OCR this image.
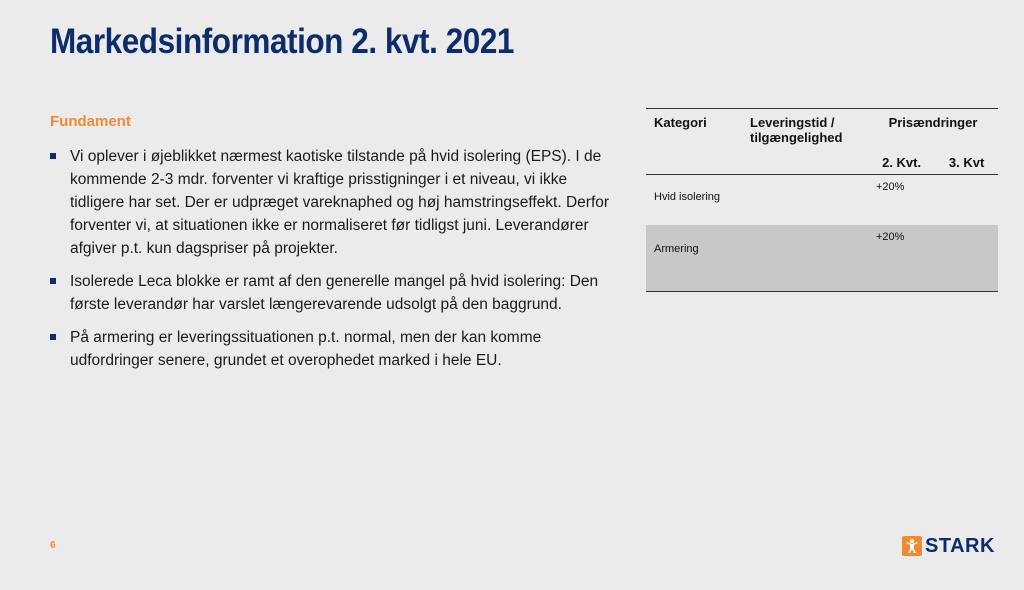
Markedsinformation 2. kvt. 2021
Fundament
Vi oplever i øjeblikket nærmest kaotiske tilstande på hvid isolering (EPS). I de kommende 2-3 mdr. forventer vi kraftige prisstigninger i et niveau, vi ikke tidligere har set. Der er udpræget vareknaphed og høj hamstringseffekt. Derfor forventer vi, at situationen ikke er normaliseret før tidligst juni. Leverandører afgiver p.t. kun dagspriser på projekter.
Isolerede Leca blokke er ramt af den generelle mangel på hvid isolering: Den første leverandør har varslet længerevarende udsolgt på den baggrund.
På armering er leveringssituationen p.t. normal, men der kan komme udfordringer senere, grundet et overophedet marked i hele EU.
Kategori	Leveringstid / tilgængelighed	Prisændringer	
		2. Kvt.	3. Kvt
Hvid isolering		+20%	
Armering		+20%	
6	STARK
